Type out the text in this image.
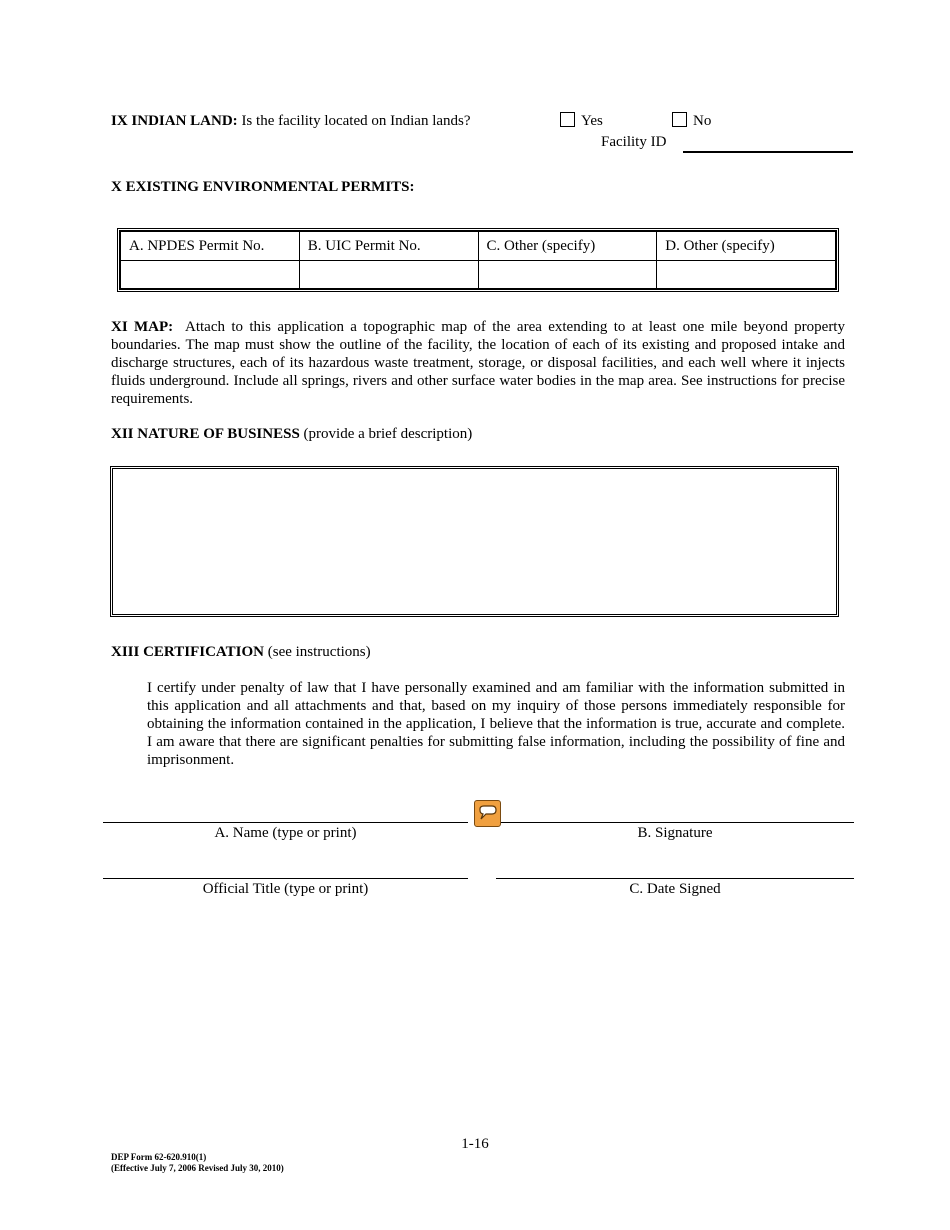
IX INDIAN LAND: Is the facility located on Indian lands?	Yes	No
Facility ID
X EXISTING ENVIRONMENTAL PERMITS:
A. NPDES Permit No.	B. UIC Permit No.	C. Other (specify)	D. Other (specify)

XI MAP: Attach to this application a topographic map of the area extending to at least one mile beyond property boundaries. The map must show the outline of the facility, the location of each of its existing and proposed intake and discharge structures, each of its hazardous waste treatment, storage, or disposal facilities, and each well where it injects fluids underground. Include all springs, rivers and other surface water bodies in the map area. See instructions for precise requirements.
XII NATURE OF BUSINESS (provide a brief description)
XIII CERTIFICATION (see instructions)
I certify under penalty of law that I have personally examined and am familiar with the information submitted in this application and all attachments and that, based on my inquiry of those persons immediately responsible for obtaining the information contained in the application, I believe that the information is true, accurate and complete. I am aware that there are significant penalties for submitting false information, including the possibility of fine and imprisonment.
A. Name (type or print)	B. Signature
Official Title (type or print)	C. Date Signed
1-16
DEP Form 62-620.910(1)
(Effective July 7, 2006 Revised July 30, 2010)
